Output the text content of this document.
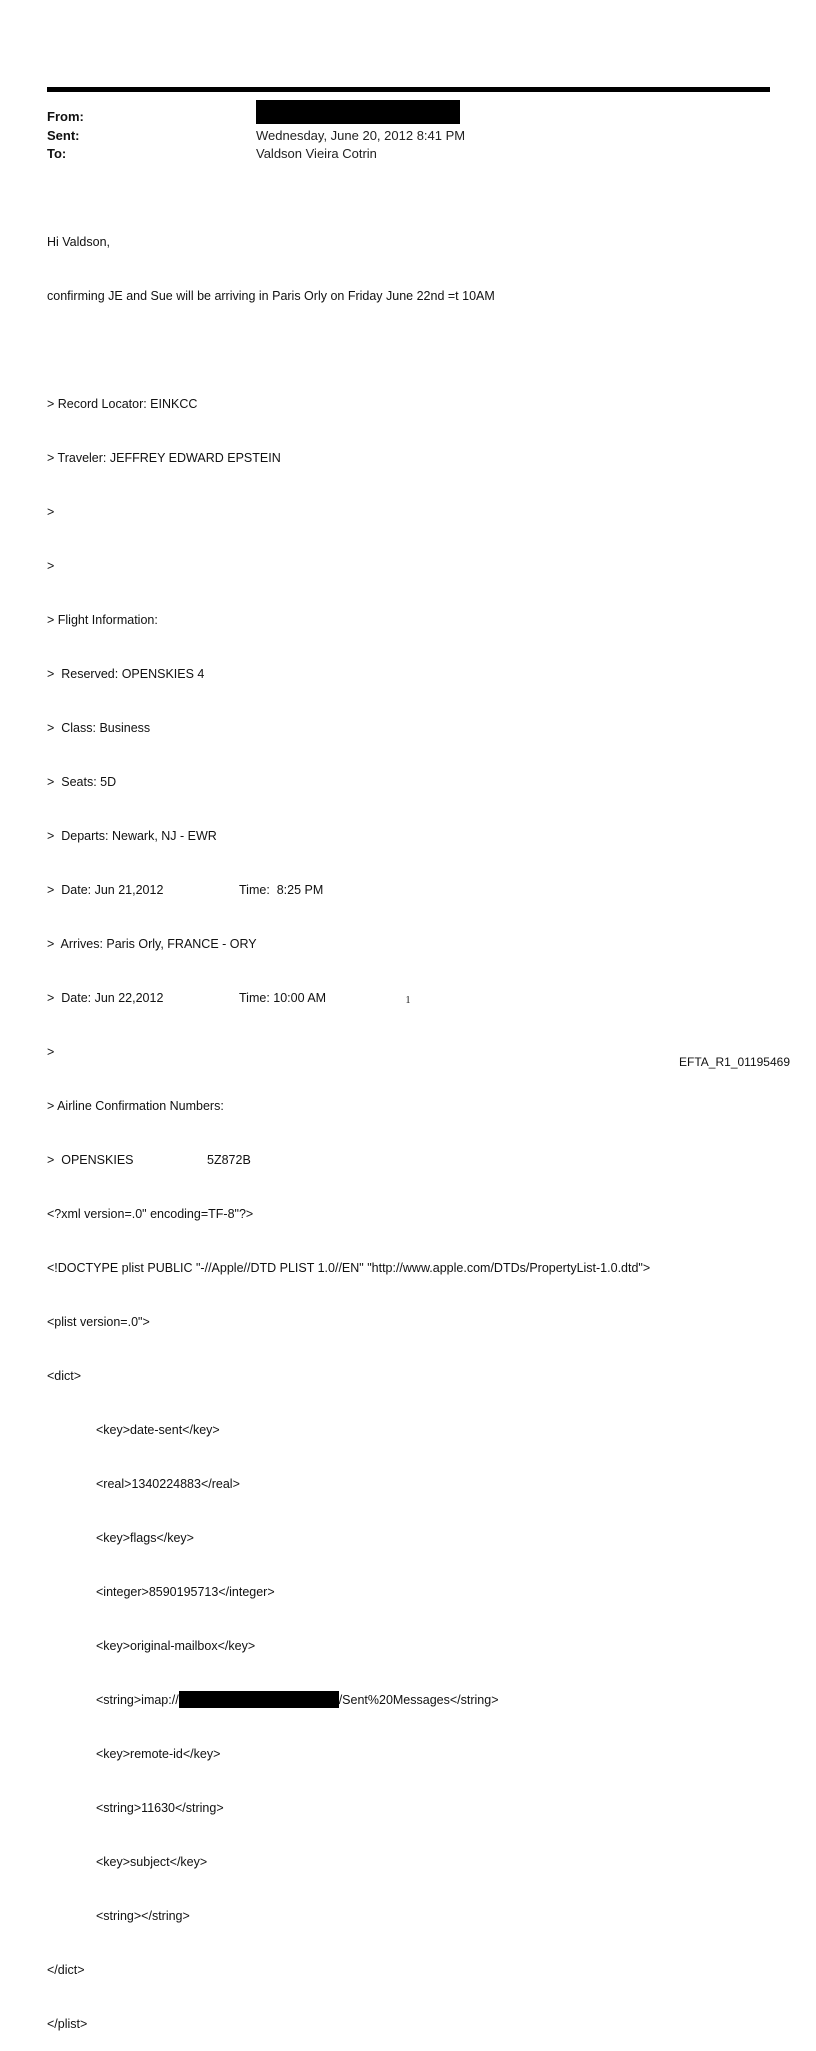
From:
Sent:	Wednesday, June 20, 2012 8:41 PM
To:	Valdson Vieira Cotrin

Hi Valdson,

confirming JE and Sue will be arriving in Paris Orly on Friday June 22nd =t 10AM

> Record Locator: EINKCC

> Traveler: JEFFREY EDWARD EPSTEIN

>

>

> Flight Information:

>  Reserved: OPENSKIES 4

>  Class: Business

>  Seats: 5D

>  Departs: Newark, NJ - EWR

>  Date: Jun 21,2012	Time:  8:25 PM

>  Arrives: Paris Orly, FRANCE - ORY

>  Date: Jun 22,2012	Time: 10:00 AM

>

> Airline Confirmation Numbers:

>  OPENSKIES	5Z872B

<?xml version=.0" encoding=TF-8"?>

<!DOCTYPE plist PUBLIC "-//Apple//DTD PLIST 1.0//EN" "http://www.apple.com/DTDs/PropertyList-1.0.dtd">

<plist version=.0">

<dict>

<key>date-sent</key>

<real>1340224883</real>

<key>flags</key>

<integer>8590195713</integer>

<key>original-mailbox</key>

<string>imap://	/Sent%20Messages</string>

<key>remote-id</key>

<string>11630</string>

<key>subject</key>

<string></string>

</dict>

</plist>

1
EFTA_R1_01195469
